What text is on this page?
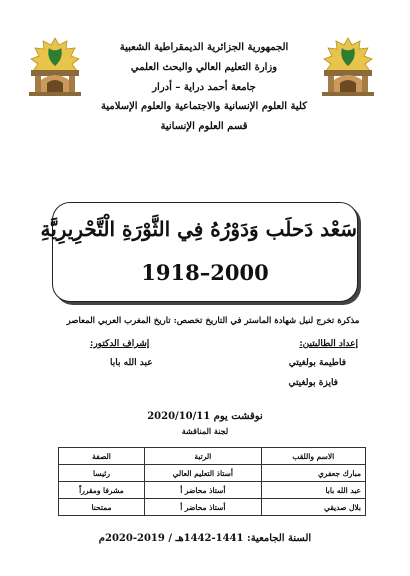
الجمهورية الجزائرية الديمقراطية الشعبية
وزارة التعليم العالي والبحث العلمي
جامعة أحمد دراية – أدرار
كلية العلوم الإنسانية والاجتماعية والعلوم الإسلامية
قسم العلوم الإنسانية
سَعْد دَحلَب وَدَوْرُهُ فِي الثَّوْرَةِ الْتَّحْرِيرِيَّةِ
1918–2000
مذكرة تخرج لنيل شهادة الماستر في التاريخ تخصص: تاريخ المغرب العربي المعاصر
إعداد الطالبتين:
فاطيمة بولغيتي
فايزة بولغيتي
إشراف الدكتور:
عبد الله بابا
نوقشت يوم 2020/10/11
لجنة المناقشة
الاسم واللقب	الرتبة	الصفة
مبارك جعفري	أستاذ التعليم العالي	رئيسا
عبد الله بابا	أستاذ محاضر أ	مشرفا ومقرراً
بلال صديقي	أستاذ محاضر أ	ممتحنا
السنة الجامعية: 1441-1442هـ / 2019-2020م
